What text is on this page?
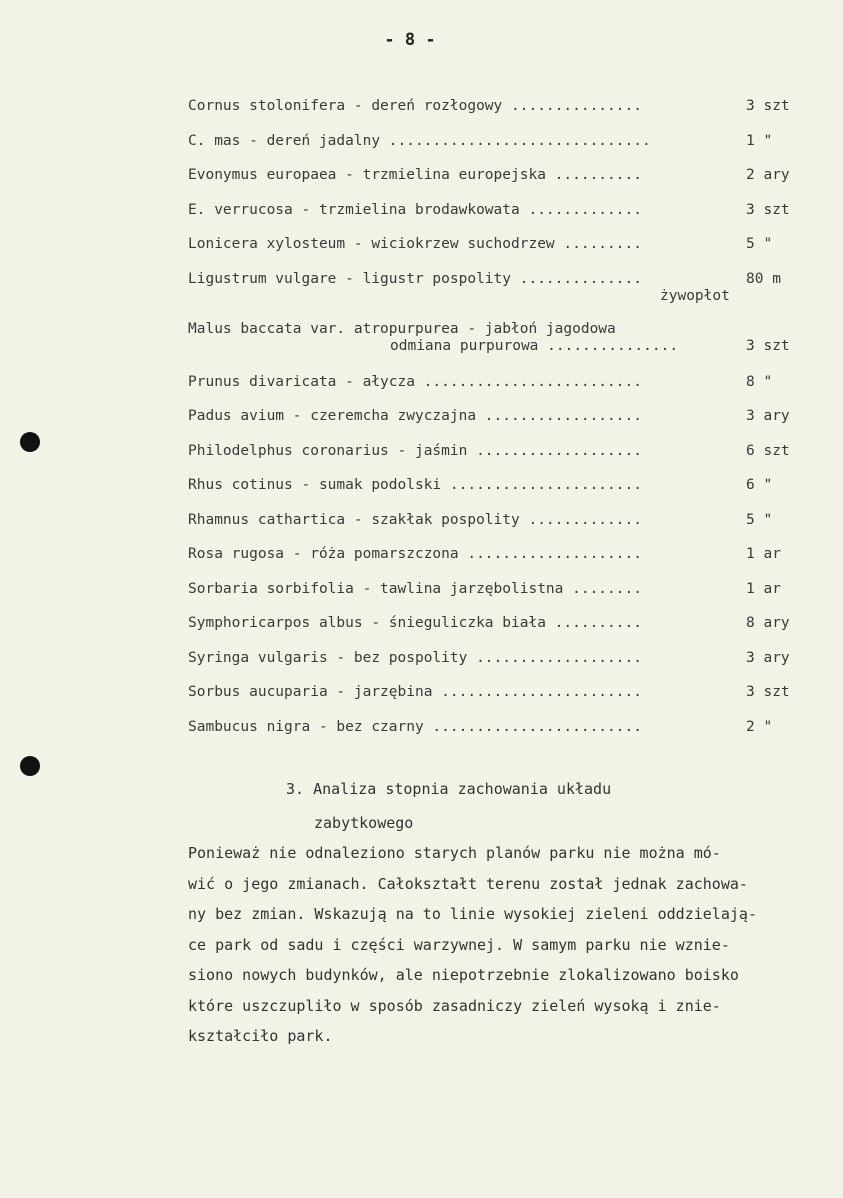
- 8 -
Cornus stolonifera - dereń rozłogowy ...............	3 szt
C. mas - dereń jadalny ..............................	1 "
Evonymus europaea - trzmielina europejska ..........	2 ary
E. verrucosa - trzmielina brodawkowata .............	3 szt
Lonicera xylosteum - wiciokrzew suchodrzew .........	5 "
Ligustrum vulgare - ligustr pospolity ..............	80 m
żywopłot
Malus baccata var. atropurpurea - jabłoń jagodowa
odmiana purpurowa ...............	3 szt
Prunus divaricata - ałycza .........................	8 "
Padus avium - czeremcha zwyczajna ..................	3 ary
Philodelphus coronarius - jaśmin ...................	6 szt
Rhus cotinus - sumak podolski ......................	6 "
Rhamnus cathartica - szakłak pospolity .............	5 "
Rosa rugosa - róża pomarszczona ....................	1 ar
Sorbaria sorbifolia - tawlina jarzębolistna ........	1 ar
Symphoricarpos albus - śnieguliczka biała ..........	8 ary
Syringa vulgaris - bez pospolity ...................	3 ary
Sorbus aucuparia - jarzębina .......................	3 szt
Sambucus nigra - bez czarny ........................	2 "
3. Analiza stopnia zachowania układu
zabytkowego
Ponieważ nie odnaleziono starych planów parku nie można mó-
wić o jego zmianach. Całokształt terenu został jednak zachowa-
ny bez zmian. Wskazują na to linie wysokiej zieleni oddzielają-
ce park od sadu i części warzywnej. W samym parku nie wznie-
siono nowych budynków, ale niepotrzebnie zlokalizowano boisko
które uszczupliło w sposób zasadniczy zieleń wysoką i znie-
kształciło park.
